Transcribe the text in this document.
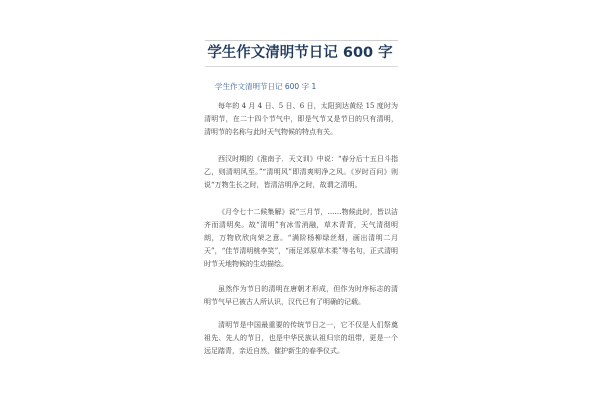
学生作文清明节日记 600 字
学生作文清明节日记 600 字 1

每年的 4 月 4 日、5 日、6 日，太阳到达黄经 15 度时为清明节，在二十四个节气中，即是气节又是节日的只有清明，清明节的名称与此时天气物候的特点有关。

西汉时期的《淮南子．天文训》中说：“春分后十五日斗指乙，则清明风至。”“清明风”即清爽明净之风。《岁时百问》则说“万物生长之时，皆清洁明净之时，故谓之清明。

《月令七十二候集解》说“三月节，……物候此时，皆以洁齐而清明矣。故“清明”有冰雪消融，草木青青，天气清彻明朗，万物欣欣向荣之意。“满阶杨柳绿丝烟，画出清明二月天”，“佳节清明桃李笑”，“雨足郊原草木柔”等名句，正式清明时节天地物候的生动描绘。

虽然作为节日的清明在唐朝才形成，但作为时序标志的清明节气早已被古人所认识，汉代已有了明确的记载。

清明节是中国最重要的传统节日之一，它不仅是人们祭奠祖先、先人的节日，也是中华民族认祖归宗的纽带，更是一个远足踏青，亲近自然，催护新生的春季仪式。
